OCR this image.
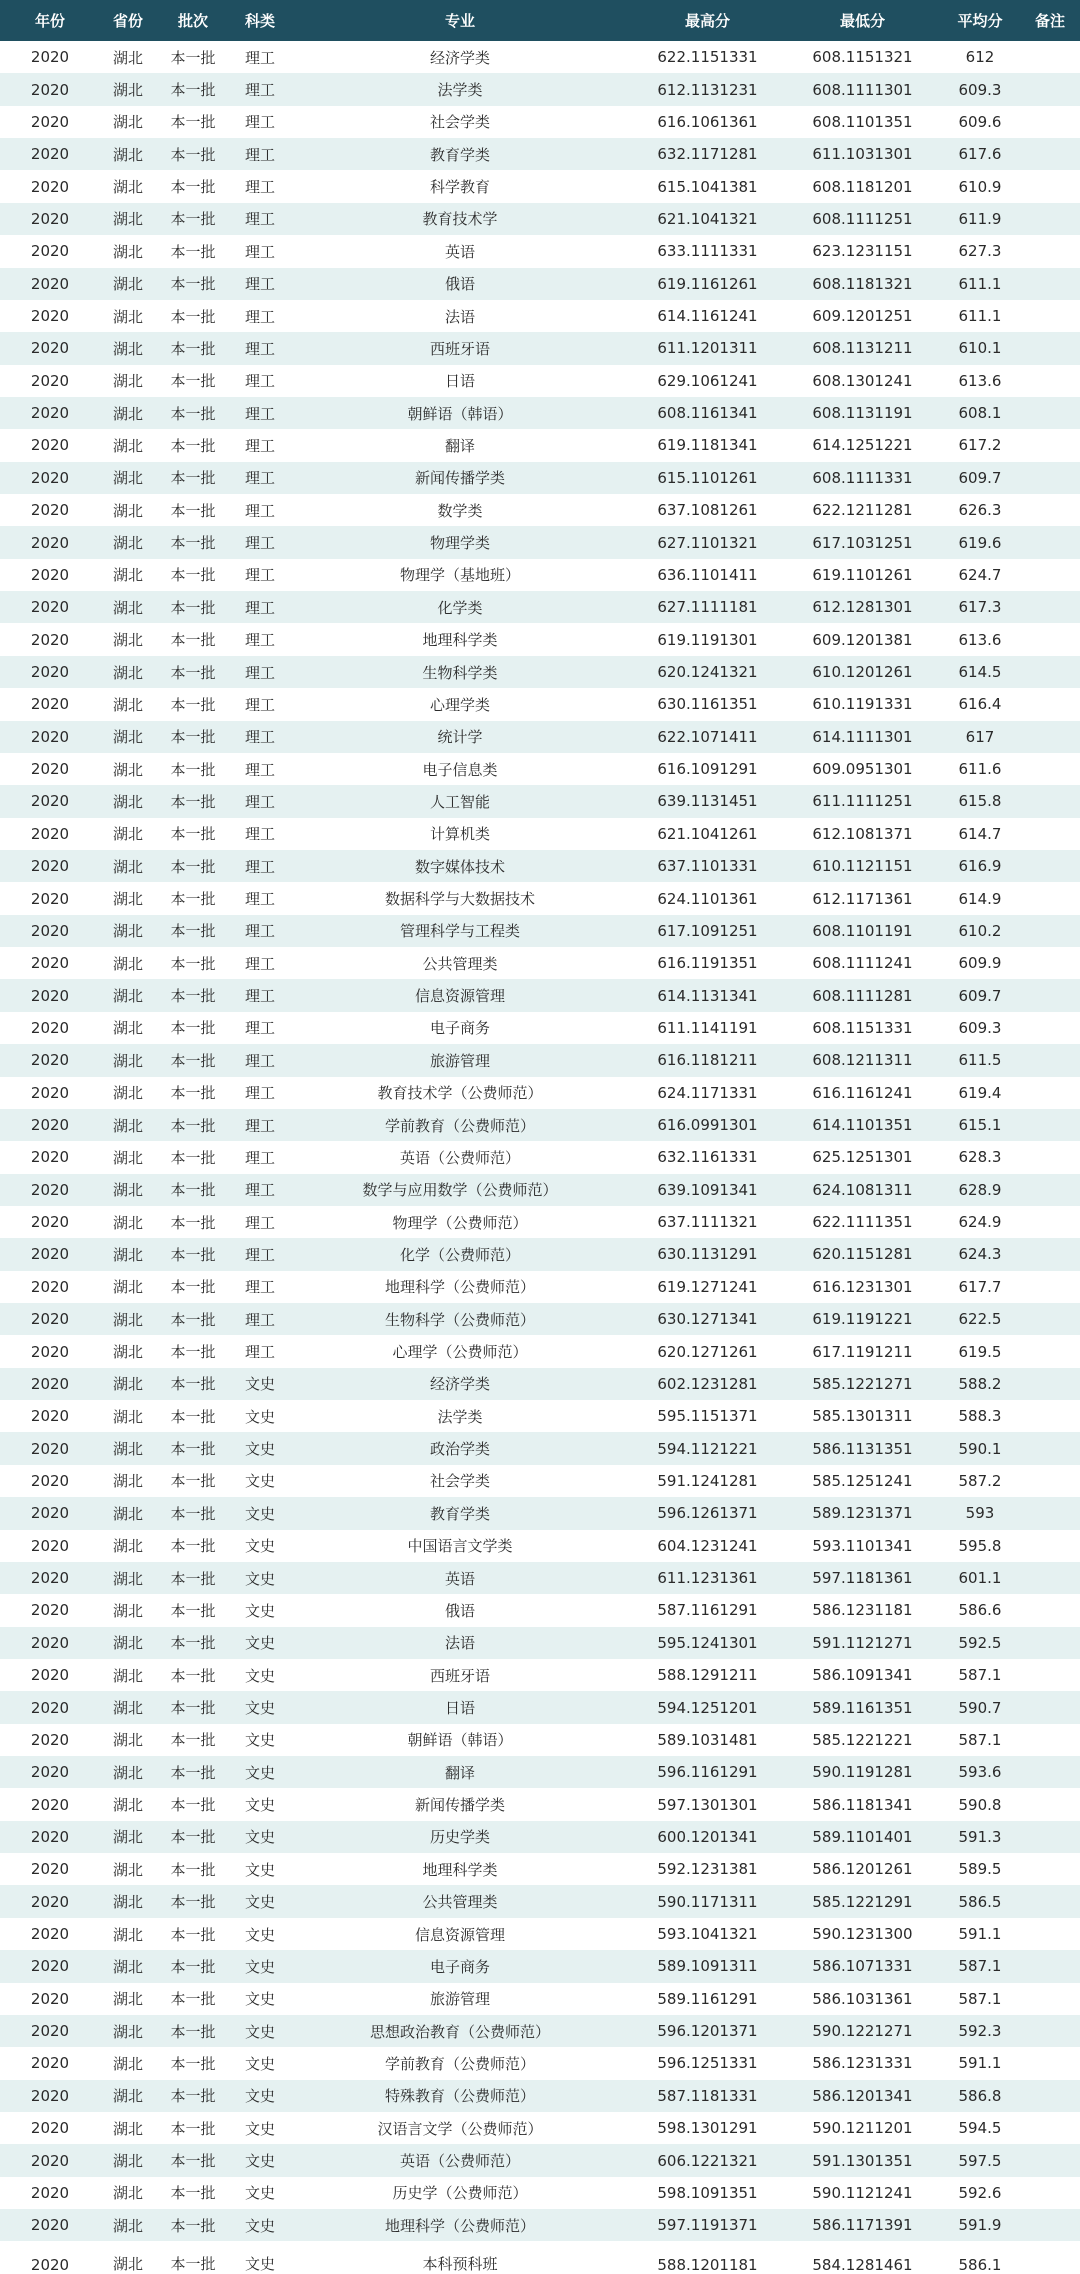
年份	省份	批次	科类	专业	最高分	最低分	平均分	备注
2020	湖北	本一批	理工	经济学类	622.1151331	608.1151321	612	
2020	湖北	本一批	理工	法学类	612.1131231	608.1111301	609.3	
2020	湖北	本一批	理工	社会学类	616.1061361	608.1101351	609.6	
2020	湖北	本一批	理工	教育学类	632.1171281	611.1031301	617.6	
2020	湖北	本一批	理工	科学教育	615.1041381	608.1181201	610.9	
2020	湖北	本一批	理工	教育技术学	621.1041321	608.1111251	611.9	
2020	湖北	本一批	理工	英语	633.1111331	623.1231151	627.3	
2020	湖北	本一批	理工	俄语	619.1161261	608.1181321	611.1	
2020	湖北	本一批	理工	法语	614.1161241	609.1201251	611.1	
2020	湖北	本一批	理工	西班牙语	611.1201311	608.1131211	610.1	
2020	湖北	本一批	理工	日语	629.1061241	608.1301241	613.6	
2020	湖北	本一批	理工	朝鲜语（韩语）	608.1161341	608.1131191	608.1	
2020	湖北	本一批	理工	翻译	619.1181341	614.1251221	617.2	
2020	湖北	本一批	理工	新闻传播学类	615.1101261	608.1111331	609.7	
2020	湖北	本一批	理工	数学类	637.1081261	622.1211281	626.3	
2020	湖北	本一批	理工	物理学类	627.1101321	617.1031251	619.6	
2020	湖北	本一批	理工	物理学（基地班）	636.1101411	619.1101261	624.7	
2020	湖北	本一批	理工	化学类	627.1111181	612.1281301	617.3	
2020	湖北	本一批	理工	地理科学类	619.1191301	609.1201381	613.6	
2020	湖北	本一批	理工	生物科学类	620.1241321	610.1201261	614.5	
2020	湖北	本一批	理工	心理学类	630.1161351	610.1191331	616.4	
2020	湖北	本一批	理工	统计学	622.1071411	614.1111301	617	
2020	湖北	本一批	理工	电子信息类	616.1091291	609.0951301	611.6	
2020	湖北	本一批	理工	人工智能	639.1131451	611.1111251	615.8	
2020	湖北	本一批	理工	计算机类	621.1041261	612.1081371	614.7	
2020	湖北	本一批	理工	数字媒体技术	637.1101331	610.1121151	616.9	
2020	湖北	本一批	理工	数据科学与大数据技术	624.1101361	612.1171361	614.9	
2020	湖北	本一批	理工	管理科学与工程类	617.1091251	608.1101191	610.2	
2020	湖北	本一批	理工	公共管理类	616.1191351	608.1111241	609.9	
2020	湖北	本一批	理工	信息资源管理	614.1131341	608.1111281	609.7	
2020	湖北	本一批	理工	电子商务	611.1141191	608.1151331	609.3	
2020	湖北	本一批	理工	旅游管理	616.1181211	608.1211311	611.5	
2020	湖北	本一批	理工	教育技术学（公费师范）	624.1171331	616.1161241	619.4	
2020	湖北	本一批	理工	学前教育（公费师范）	616.0991301	614.1101351	615.1	
2020	湖北	本一批	理工	英语（公费师范）	632.1161331	625.1251301	628.3	
2020	湖北	本一批	理工	数学与应用数学（公费师范）	639.1091341	624.1081311	628.9	
2020	湖北	本一批	理工	物理学（公费师范）	637.1111321	622.1111351	624.9	
2020	湖北	本一批	理工	化学（公费师范）	630.1131291	620.1151281	624.3	
2020	湖北	本一批	理工	地理科学（公费师范）	619.1271241	616.1231301	617.7	
2020	湖北	本一批	理工	生物科学（公费师范）	630.1271341	619.1191221	622.5	
2020	湖北	本一批	理工	心理学（公费师范）	620.1271261	617.1191211	619.5	
2020	湖北	本一批	文史	经济学类	602.1231281	585.1221271	588.2	
2020	湖北	本一批	文史	法学类	595.1151371	585.1301311	588.3	
2020	湖北	本一批	文史	政治学类	594.1121221	586.1131351	590.1	
2020	湖北	本一批	文史	社会学类	591.1241281	585.1251241	587.2	
2020	湖北	本一批	文史	教育学类	596.1261371	589.1231371	593	
2020	湖北	本一批	文史	中国语言文学类	604.1231241	593.1101341	595.8	
2020	湖北	本一批	文史	英语	611.1231361	597.1181361	601.1	
2020	湖北	本一批	文史	俄语	587.1161291	586.1231181	586.6	
2020	湖北	本一批	文史	法语	595.1241301	591.1121271	592.5	
2020	湖北	本一批	文史	西班牙语	588.1291211	586.1091341	587.1	
2020	湖北	本一批	文史	日语	594.1251201	589.1161351	590.7	
2020	湖北	本一批	文史	朝鲜语（韩语）	589.1031481	585.1221221	587.1	
2020	湖北	本一批	文史	翻译	596.1161291	590.1191281	593.6	
2020	湖北	本一批	文史	新闻传播学类	597.1301301	586.1181341	590.8	
2020	湖北	本一批	文史	历史学类	600.1201341	589.1101401	591.3	
2020	湖北	本一批	文史	地理科学类	592.1231381	586.1201261	589.5	
2020	湖北	本一批	文史	公共管理类	590.1171311	585.1221291	586.5	
2020	湖北	本一批	文史	信息资源管理	593.1041321	590.1231300	591.1	
2020	湖北	本一批	文史	电子商务	589.1091311	586.1071331	587.1	
2020	湖北	本一批	文史	旅游管理	589.1161291	586.1031361	587.1	
2020	湖北	本一批	文史	思想政治教育（公费师范）	596.1201371	590.1221271	592.3	
2020	湖北	本一批	文史	学前教育（公费师范）	596.1251331	586.1231331	591.1	
2020	湖北	本一批	文史	特殊教育（公费师范）	587.1181331	586.1201341	586.8	
2020	湖北	本一批	文史	汉语言文学（公费师范）	598.1301291	590.1211201	594.5	
2020	湖北	本一批	文史	英语（公费师范）	606.1221321	591.1301351	597.5	
2020	湖北	本一批	文史	历史学（公费师范）	598.1091351	590.1121241	592.6	
2020	湖北	本一批	文史	地理科学（公费师范）	597.1191371	586.1171391	591.9	
2020	湖北	本一批	文史	本科预科班	588.1201181	584.1281461	586.1	
